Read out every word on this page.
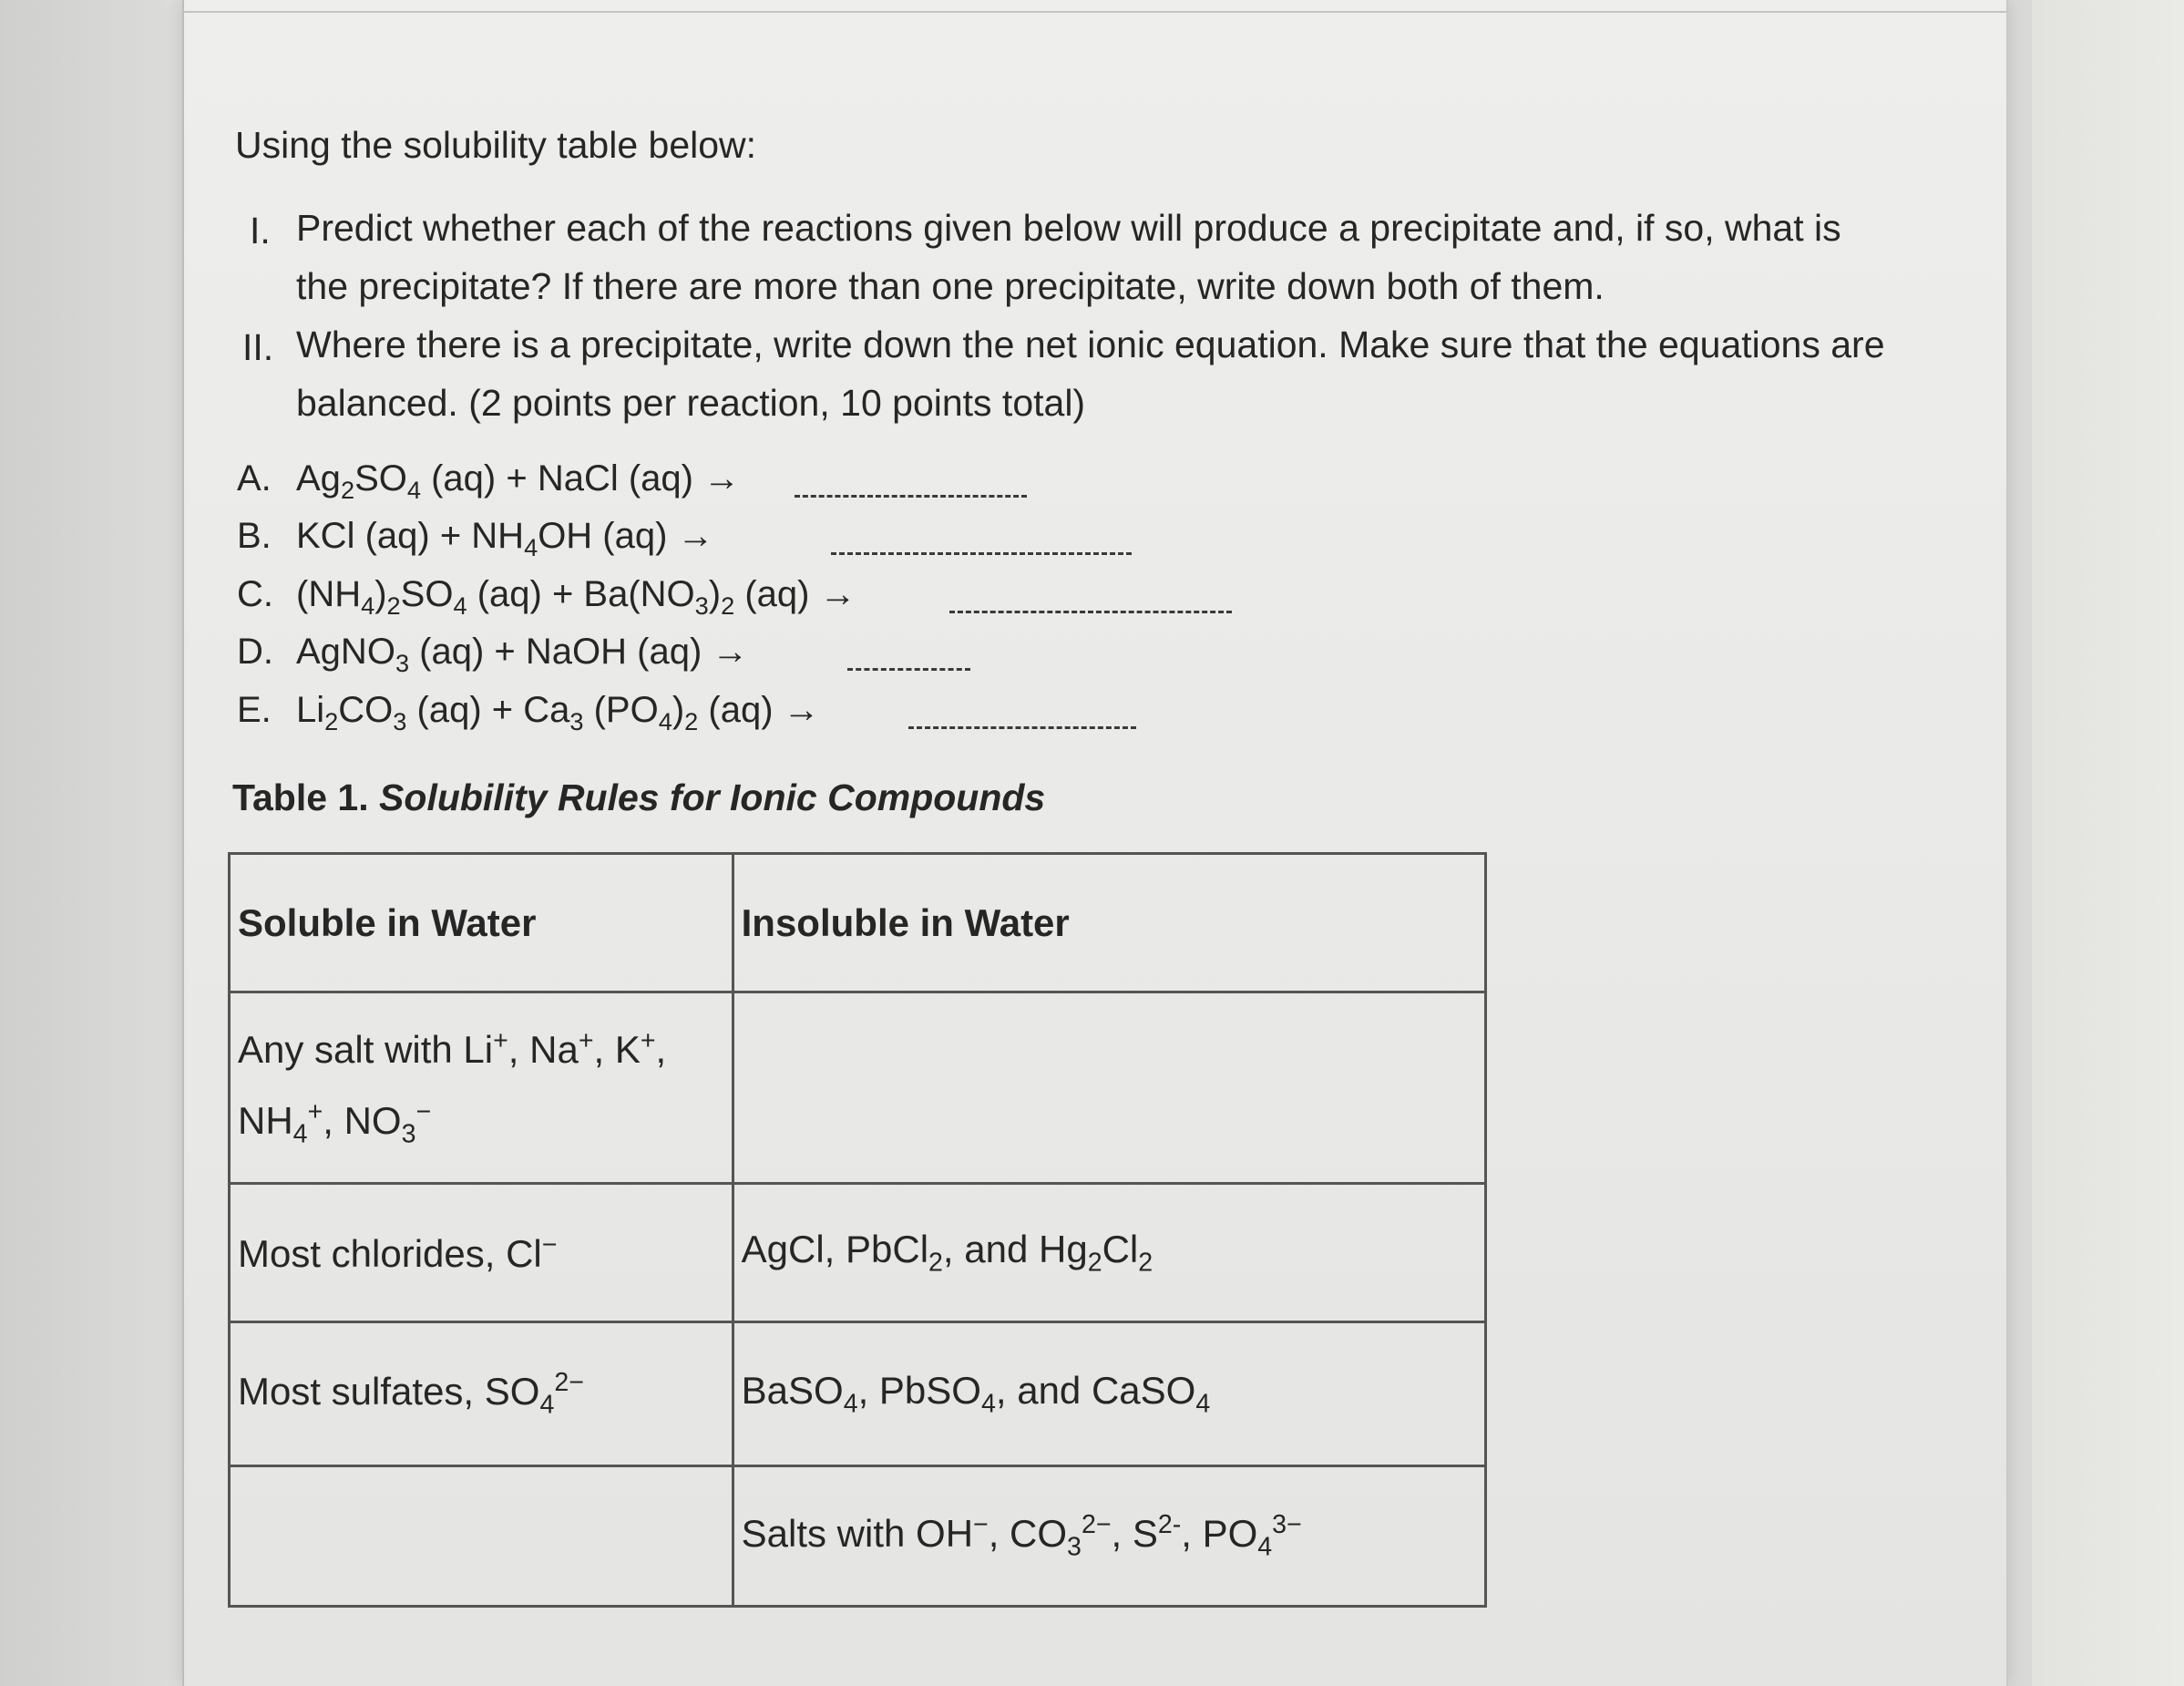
Using the solubility table below:
I. Predict whether each of the reactions given below will produce a precipitate and, if so, what is
the precipitate? If there are more than one precipitate, write down both of them.
II. Where there is a precipitate, write down the net ionic equation. Make sure that the equations are
balanced. (2 points per reaction, 10 points total)
A. $Ag_2SO_4$ (aq) + NaCl (aq) →
B. KCl $(aq) + NH_4OH$ (aq) →
C. $(NH_4)_2SO_4$ $(aq) + Ba(NO_3)_2$ (aq) →
D. AgNO$_3$ (aq) + NaOH (aq) →
E. $Li_2CO_3$ $(aq) + Ca_3$ $(PO_4)_2$ (aq) →
Table 1. Solubility Rules for Ionic Compounds
Soluble in Water	Insoluble in Water

Any salt with Li+, Na+, K+,
$NH_4^+$, $NO_3^-$

Most chlorides, Cl−	AgCl, PbCl$_2$, and $Hg_2Cl_2$
Most sulfates, $SO_4^{2-}$	BaSO$_4$, PbSO$_4$, and CaSO$_4$
	Salts with OH−, $CO_3^{2-}$, $S^{2-}$, $PO_4^{3-}$
